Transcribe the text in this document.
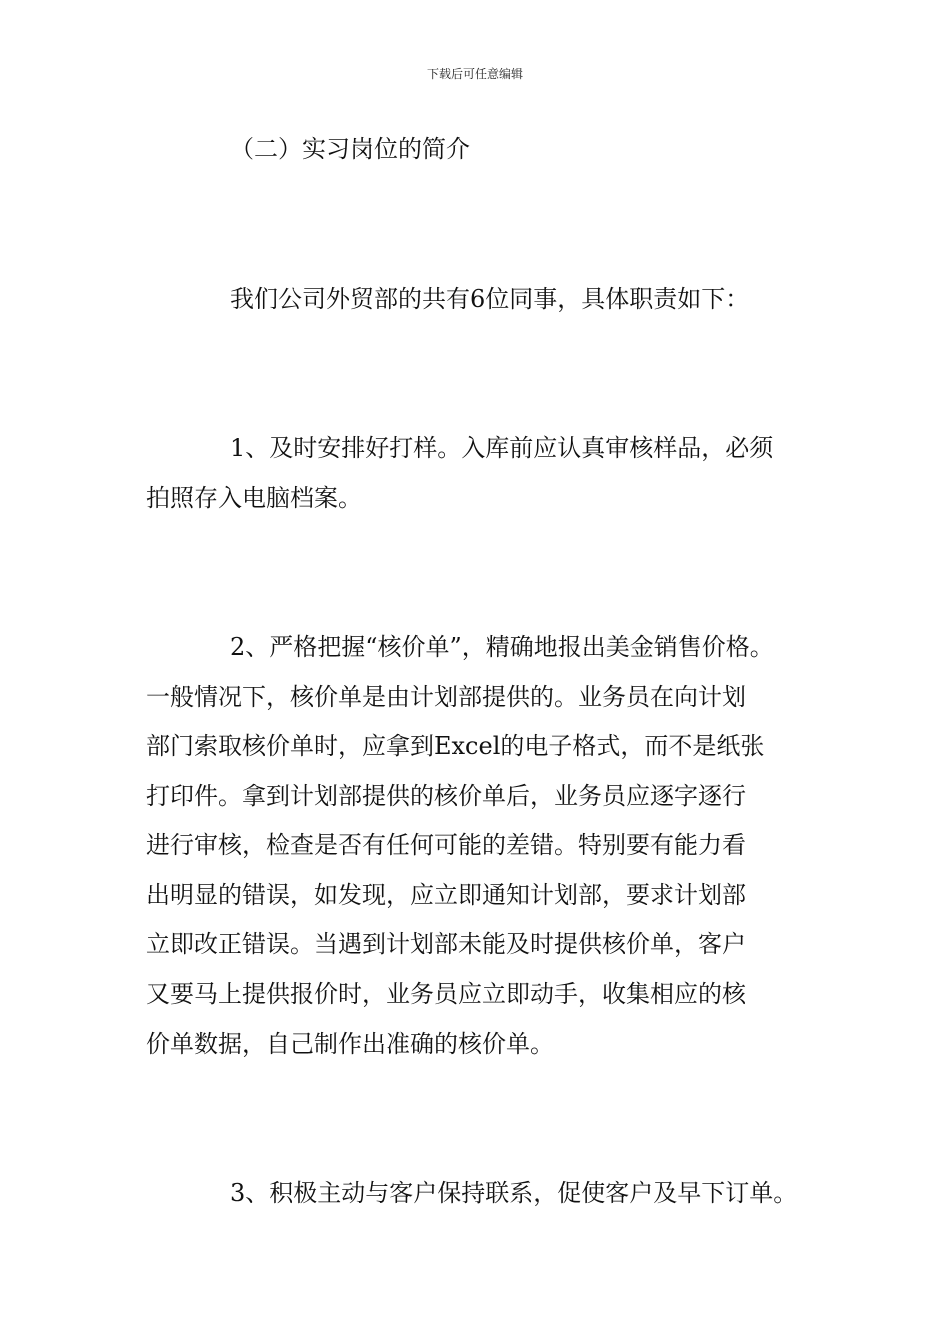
下载后可任意编辑
（二）实习岗位的简介
我们公司外贸部的共有6位同事，具体职责如下：
1、及时安排好打样。入库前应认真审核样品，必须
拍照存入电脑档案。
2、严格把握“核价单”，精确地报出美金销售价格。
一般情况下，核价单是由计划部提供的。业务员在向计划
部门索取核价单时，应拿到Excel的电子格式，而不是纸张
打印件。拿到计划部提供的核价单后，业务员应逐字逐行
进行审核，检查是否有任何可能的差错。特别要有能力看
出明显的错误，如发现，应立即通知计划部，要求计划部
立即改正错误。当遇到计划部未能及时提供核价单，客户
又要马上提供报价时，业务员应立即动手，收集相应的核
价单数据，自己制作出准确的核价单。
3、积极主动与客户保持联系，促使客户及早下订单。
